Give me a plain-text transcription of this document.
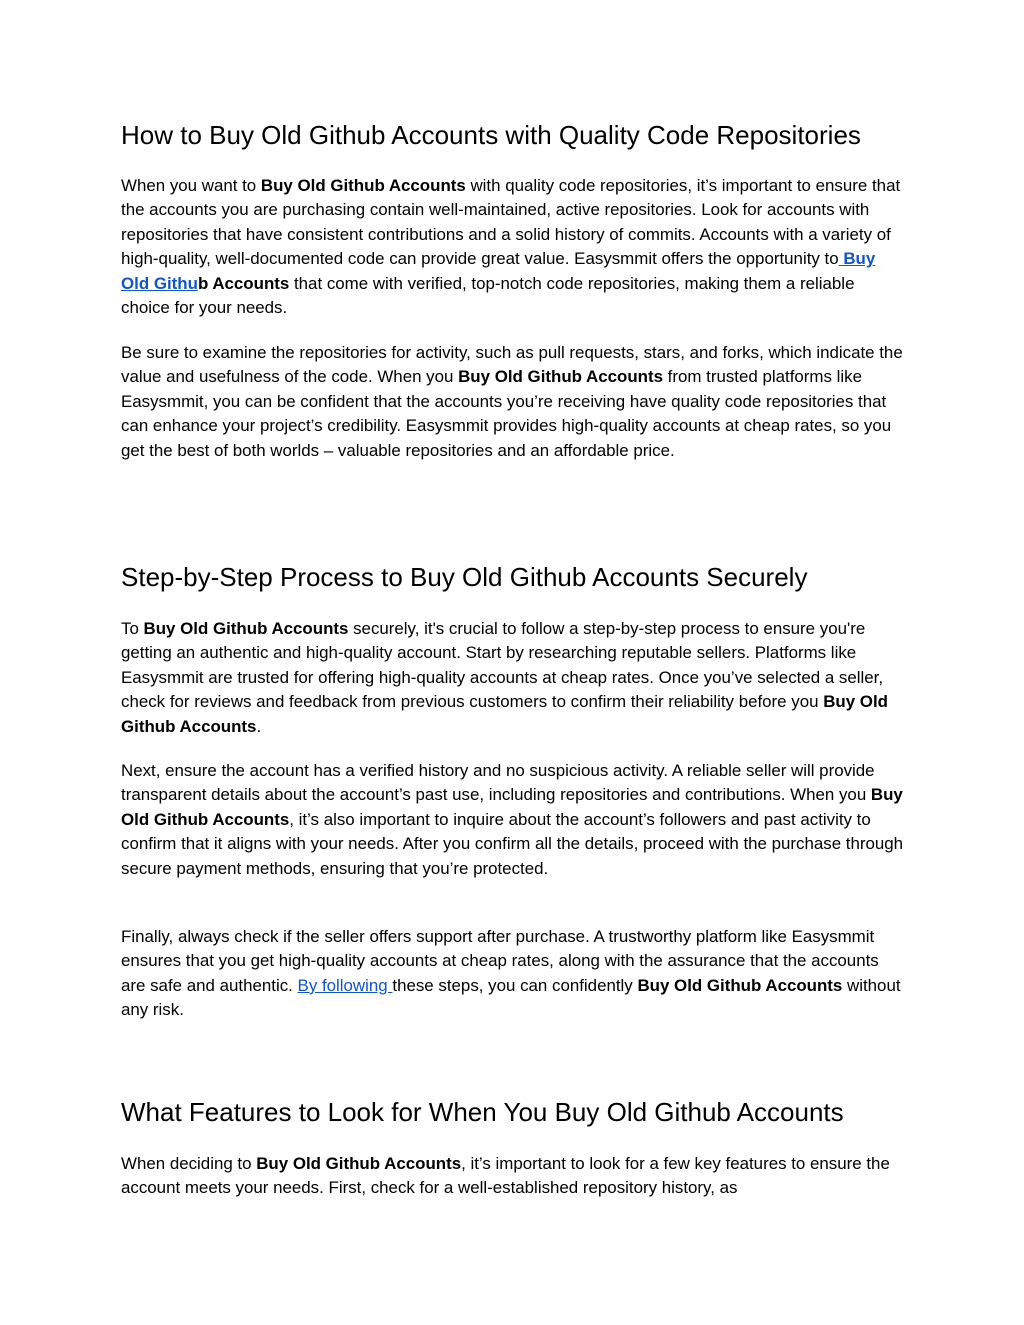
How to Buy Old Github Accounts with Quality Code Repositories

When you want to Buy Old Github Accounts with quality code repositories, it’s important to ensure that the accounts you are purchasing contain well-maintained, active repositories. Look for accounts with repositories that have consistent contributions and a solid history of commits. Accounts with a variety of high-quality, well-documented code can provide great value. Easysmmit offers the opportunity to Buy Old Github Accounts that come with verified, top-notch code repositories, making them a reliable choice for your needs.

Be sure to examine the repositories for activity, such as pull requests, stars, and forks, which indicate the value and usefulness of the code. When you Buy Old Github Accounts from trusted platforms like Easysmmit, you can be confident that the accounts you’re receiving have quality code repositories that can enhance your project’s credibility. Easysmmit provides high-quality accounts at cheap rates, so you get the best of both worlds – valuable repositories and an affordable price.

Step-by-Step Process to Buy Old Github Accounts Securely

To Buy Old Github Accounts securely, it's crucial to follow a step-by-step process to ensure you're getting an authentic and high-quality account. Start by researching reputable sellers. Platforms like Easysmmit are trusted for offering high-quality accounts at cheap rates. Once you’ve selected a seller, check for reviews and feedback from previous customers to confirm their reliability before you Buy Old Github Accounts.

Next, ensure the account has a verified history and no suspicious activity. A reliable seller will provide transparent details about the account’s past use, including repositories and contributions. When you Buy Old Github Accounts, it’s also important to inquire about the account’s followers and past activity to confirm that it aligns with your needs. After you confirm all the details, proceed with the purchase through secure payment methods, ensuring that you’re protected.

Finally, always check if the seller offers support after purchase. A trustworthy platform like Easysmmit ensures that you get high-quality accounts at cheap rates, along with the assurance that the accounts are safe and authentic. By following these steps, you can confidently Buy Old Github Accounts without any risk.

What Features to Look for When You Buy Old Github Accounts

When deciding to Buy Old Github Accounts, it’s important to look for a few key features to ensure the account meets your needs. First, check for a well-established repository history, as
